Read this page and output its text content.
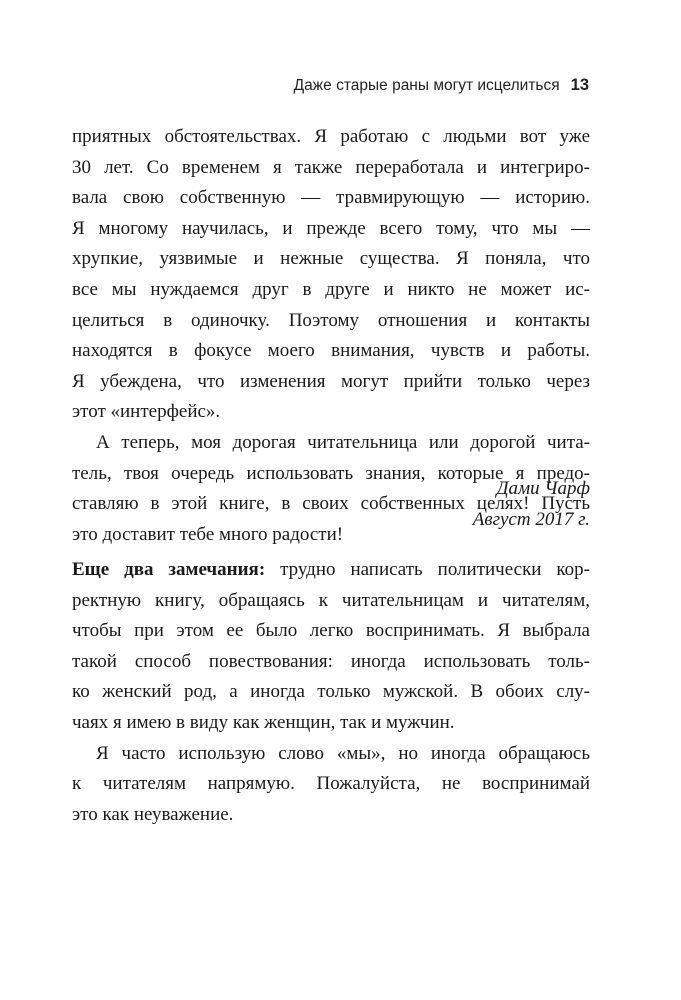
Даже старые раны могут исцелиться 13
приятных обстоятельствах. Я работаю с людьми вот уже
30 лет. Со временем я также переработала и интегриро-
вала свою собственную — травмирующую — историю.
Я многому научилась, и прежде всего тому, что мы —
хрупкие, уязвимые и нежные существа. Я поняла, что
все мы нуждаемся друг в друге и никто не может ис-
целиться в одиночку. Поэтому отношения и контакты
находятся в фокусе моего внимания, чувств и работы.
Я убеждена, что изменения могут прийти только через
этот «интерфейс».
А теперь, моя дорогая читательница или дорогой чита-
тель, твоя очередь использовать знания, которые я предо-
ставляю в этой книге, в своих собственных целях! Пусть
это доставит тебе много радости!
Дами Чарф
Август 2017 г.
Еще два замечания: трудно написать политически кор-
ректную книгу, обращаясь к читательницам и читателям,
чтобы при этом ее было легко воспринимать. Я выбрала
такой способ повествования: иногда использовать толь-
ко женский род, а иногда только мужской. В обоих слу-
чаях я имею в виду как женщин, так и мужчин.
Я часто использую слово «мы», но иногда обращаюсь
к читателям напрямую. Пожалуйста, не воспринимай
это как неуважение.
